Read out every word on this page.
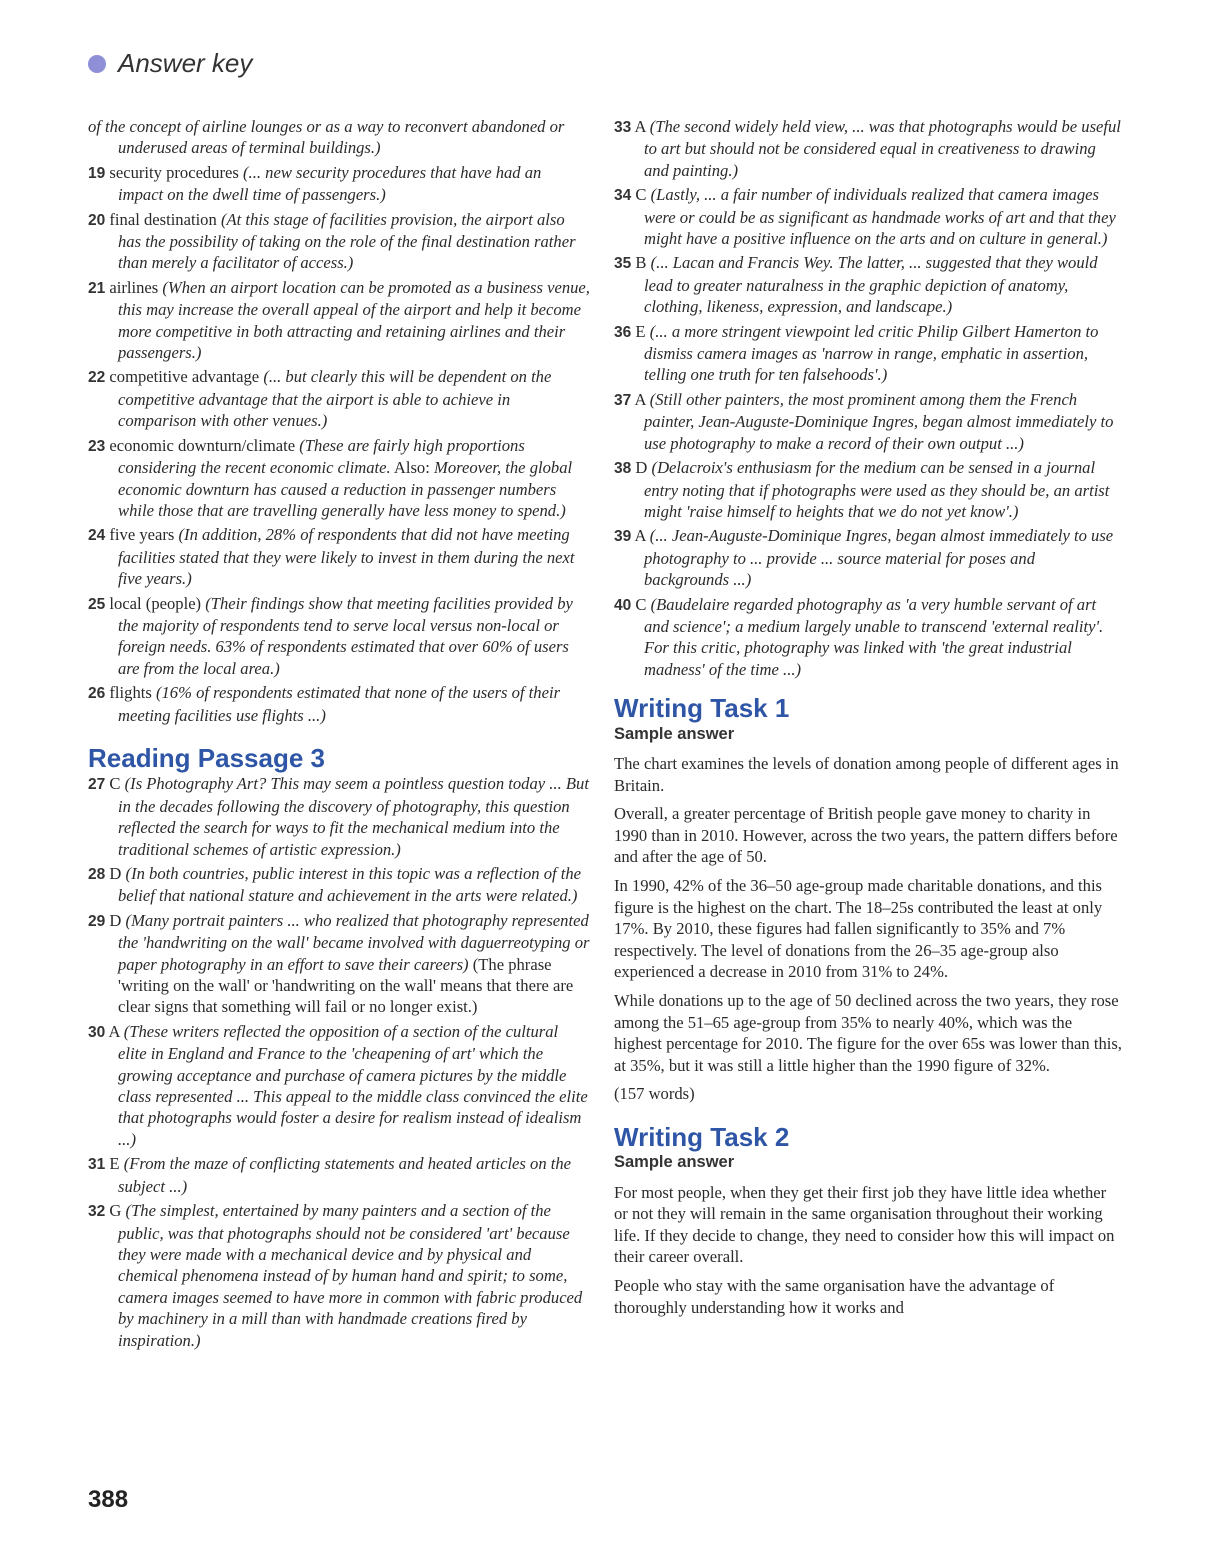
Answer key

of the concept of airline lounges or as a way to reconvert abandoned or underused areas of terminal buildings.)

19 security procedures (... new security procedures that have had an impact on the dwell time of passengers.)

20 final destination (At this stage of facilities provision, the airport also has the possibility of taking on the role of the final destination rather than merely a facilitator of access.)

21 airlines (When an airport location can be promoted as a business venue, this may increase the overall appeal of the airport and help it become more competitive in both attracting and retaining airlines and their passengers.)

22 competitive advantage (... but clearly this will be dependent on the competitive advantage that the airport is able to achieve in comparison with other venues.)

23 economic downturn/climate (These are fairly high proportions considering the recent economic climate. Also: Moreover, the global economic downturn has caused a reduction in passenger numbers while those that are travelling generally have less money to spend.)

24 five years (In addition, 28% of respondents that did not have meeting facilities stated that they were likely to invest in them during the next five years.)

25 local (people) (Their findings show that meeting facilities provided by the majority of respondents tend to serve local versus non-local or foreign needs. 63% of respondents estimated that over 60% of users are from the local area.)

26 flights (16% of respondents estimated that none of the users of their meeting facilities use flights ...)

Reading Passage 3

27 C (Is Photography Art? This may seem a pointless question today ... But in the decades following the discovery of photography, this question reflected the search for ways to fit the mechanical medium into the traditional schemes of artistic expression.)

28 D (In both countries, public interest in this topic was a reflection of the belief that national stature and achievement in the arts were related.)

29 D (Many portrait painters ... who realized that photography represented the 'handwriting on the wall' became involved with daguerreotyping or paper photography in an effort to save their careers) (The phrase 'writing on the wall' or 'handwriting on the wall' means that there are clear signs that something will fail or no longer exist.)

30 A (These writers reflected the opposition of a section of the cultural elite in England and France to the 'cheapening of art' which the growing acceptance and purchase of camera pictures by the middle class represented ... This appeal to the middle class convinced the elite that photographs would foster a desire for realism instead of idealism ...)

31 E (From the maze of conflicting statements and heated articles on the subject ...)

32 G (The simplest, entertained by many painters and a section of the public, was that photographs should not be considered 'art' because they were made with a mechanical device and by physical and chemical phenomena instead of by human hand and spirit; to some, camera images seemed to have more in common with fabric produced by machinery in a mill than with handmade creations fired by inspiration.)

33 A (The second widely held view, ... was that photographs would be useful to art but should not be considered equal in creativeness to drawing and painting.)

34 C (Lastly, ... a fair number of individuals realized that camera images were or could be as significant as handmade works of art and that they might have a positive influence on the arts and on culture in general.)

35 B (... Lacan and Francis Wey. The latter, ... suggested that they would lead to greater naturalness in the graphic depiction of anatomy, clothing, likeness, expression, and landscape.)

36 E (... a more stringent viewpoint led critic Philip Gilbert Hamerton to dismiss camera images as 'narrow in range, emphatic in assertion, telling one truth for ten falsehoods'.)

37 A (Still other painters, the most prominent among them the French painter, Jean-Auguste-Dominique Ingres, began almost immediately to use photography to make a record of their own output ...)

38 D (Delacroix's enthusiasm for the medium can be sensed in a journal entry noting that if photographs were used as they should be, an artist might 'raise himself to heights that we do not yet know'.)

39 A (... Jean-Auguste-Dominique Ingres, began almost immediately to use photography to ... provide ... source material for poses and backgrounds ...)

40 C (Baudelaire regarded photography as 'a very humble servant of art and science'; a medium largely unable to transcend 'external reality'. For this critic, photography was linked with 'the great industrial madness' of the time ...)

Writing Task 1
Sample answer

The chart examines the levels of donation among people of different ages in Britain.

Overall, a greater percentage of British people gave money to charity in 1990 than in 2010. However, across the two years, the pattern differs before and after the age of 50.

In 1990, 42% of the 36–50 age-group made charitable donations, and this figure is the highest on the chart. The 18–25s contributed the least at only 17%. By 2010, these figures had fallen significantly to 35% and 7% respectively. The level of donations from the 26–35 age-group also experienced a decrease in 2010 from 31% to 24%.

While donations up to the age of 50 declined across the two years, they rose among the 51–65 age-group from 35% to nearly 40%, which was the highest percentage for 2010. The figure for the over 65s was lower than this, at 35%, but it was still a little higher than the 1990 figure of 32%.

(157 words)

Writing Task 2
Sample answer

For most people, when they get their first job they have little idea whether or not they will remain in the same organisation throughout their working life. If they decide to change, they need to consider how this will impact on their career overall.

People who stay with the same organisation have the advantage of thoroughly understanding how it works and

388
